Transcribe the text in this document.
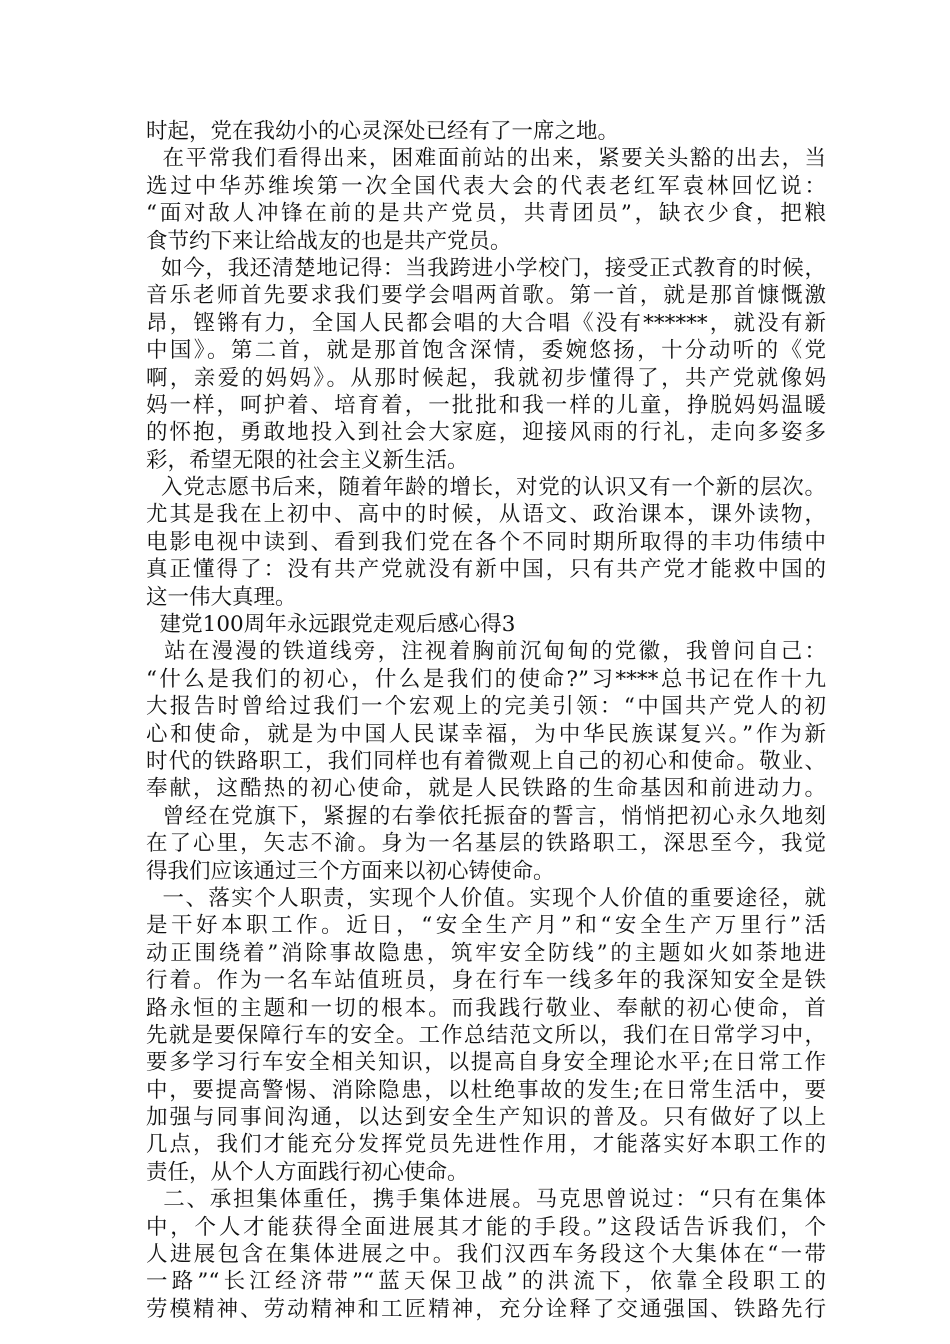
时起，党在我幼小的心灵深处已经有了一席之地。
在平常我们看得出来，困难面前站的出来，紧要关头豁的出去，当
选过中华苏维埃第一次全国代表大会的代表老红军袁林回忆说：
“面对敌人冲锋在前的是共产党员，共青团员”，缺衣少食，把粮
食节约下来让给战友的也是共产党员。
如今，我还清楚地记得：当我跨进小学校门，接受正式教育的时候，
音乐老师首先要求我们要学会唱两首歌。第一首，就是那首慷慨激
昂，铿锵有力，全国人民都会唱的大合唱《没有******，就没有新
中国》。第二首，就是那首饱含深情，委婉悠扬，十分动听的《党
啊，亲爱的妈妈》。从那时候起，我就初步懂得了，共产党就像妈
妈一样，呵护着、培育着，一批批和我一样的儿童，挣脱妈妈温暖
的怀抱，勇敢地投入到社会大家庭，迎接风雨的行礼，走向多姿多
彩，希望无限的社会主义新生活。
入党志愿书后来，随着年龄的增长，对党的认识又有一个新的层次。
尤其是我在上初中、高中的时候，从语文、政治课本，课外读物，
电影电视中读到、看到我们党在各个不同时期所取得的丰功伟绩中
真正懂得了：没有共产党就没有新中国，只有共产党才能救中国的
这一伟大真理。
建党100周年永远跟党走观后感心得3
站在漫漫的铁道线旁，注视着胸前沉甸甸的党徽，我曾问自己：
“什么是我们的初心，什么是我们的使命?”习****总书记在作十九
大报告时曾给过我们一个宏观上的完美引领：“中国共产党人的初
心和使命，就是为中国人民谋幸福，为中华民族谋复兴。”作为新
时代的铁路职工，我们同样也有着微观上自己的初心和使命。敬业、
奉献，这酷热的初心使命，就是人民铁路的生命基因和前进动力。
曾经在党旗下，紧握的右拳依托振奋的誓言，悄悄把初心永久地刻
在了心里，矢志不渝。身为一名基层的铁路职工，深思至今，我觉
得我们应该通过三个方面来以初心铸使命。
一、落实个人职责，实现个人价值。实现个人价值的重要途径，就
是干好本职工作。近日，“安全生产月”和“安全生产万里行”活
动正围绕着”消除事故隐患，筑牢安全防线”的主题如火如荼地进
行着。作为一名车站值班员，身在行车一线多年的我深知安全是铁
路永恒的主题和一切的根本。而我践行敬业、奉献的初心使命，首
先就是要保障行车的安全。工作总结范文所以，我们在日常学习中，
要多学习行车安全相关知识，以提高自身安全理论水平;在日常工作
中，要提高警惕、消除隐患，以杜绝事故的发生;在日常生活中，要
加强与同事间沟通，以达到安全生产知识的普及。只有做好了以上
几点，我们才能充分发挥党员先进性作用，才能落实好本职工作的
责任，从个人方面践行初心使命。
二、承担集体重任，携手集体进展。马克思曾说过：“只有在集体
中，个人才能获得全面进展其才能的手段。”这段话告诉我们，个
人进展包含在集体进展之中。我们汉西车务段这个大集体在“一带
一路”“长江经济带”“蓝天保卫战”的洪流下，依靠全段职工的
劳模精神、劳动精神和工匠精神，充分诠释了交通强国、铁路先行
